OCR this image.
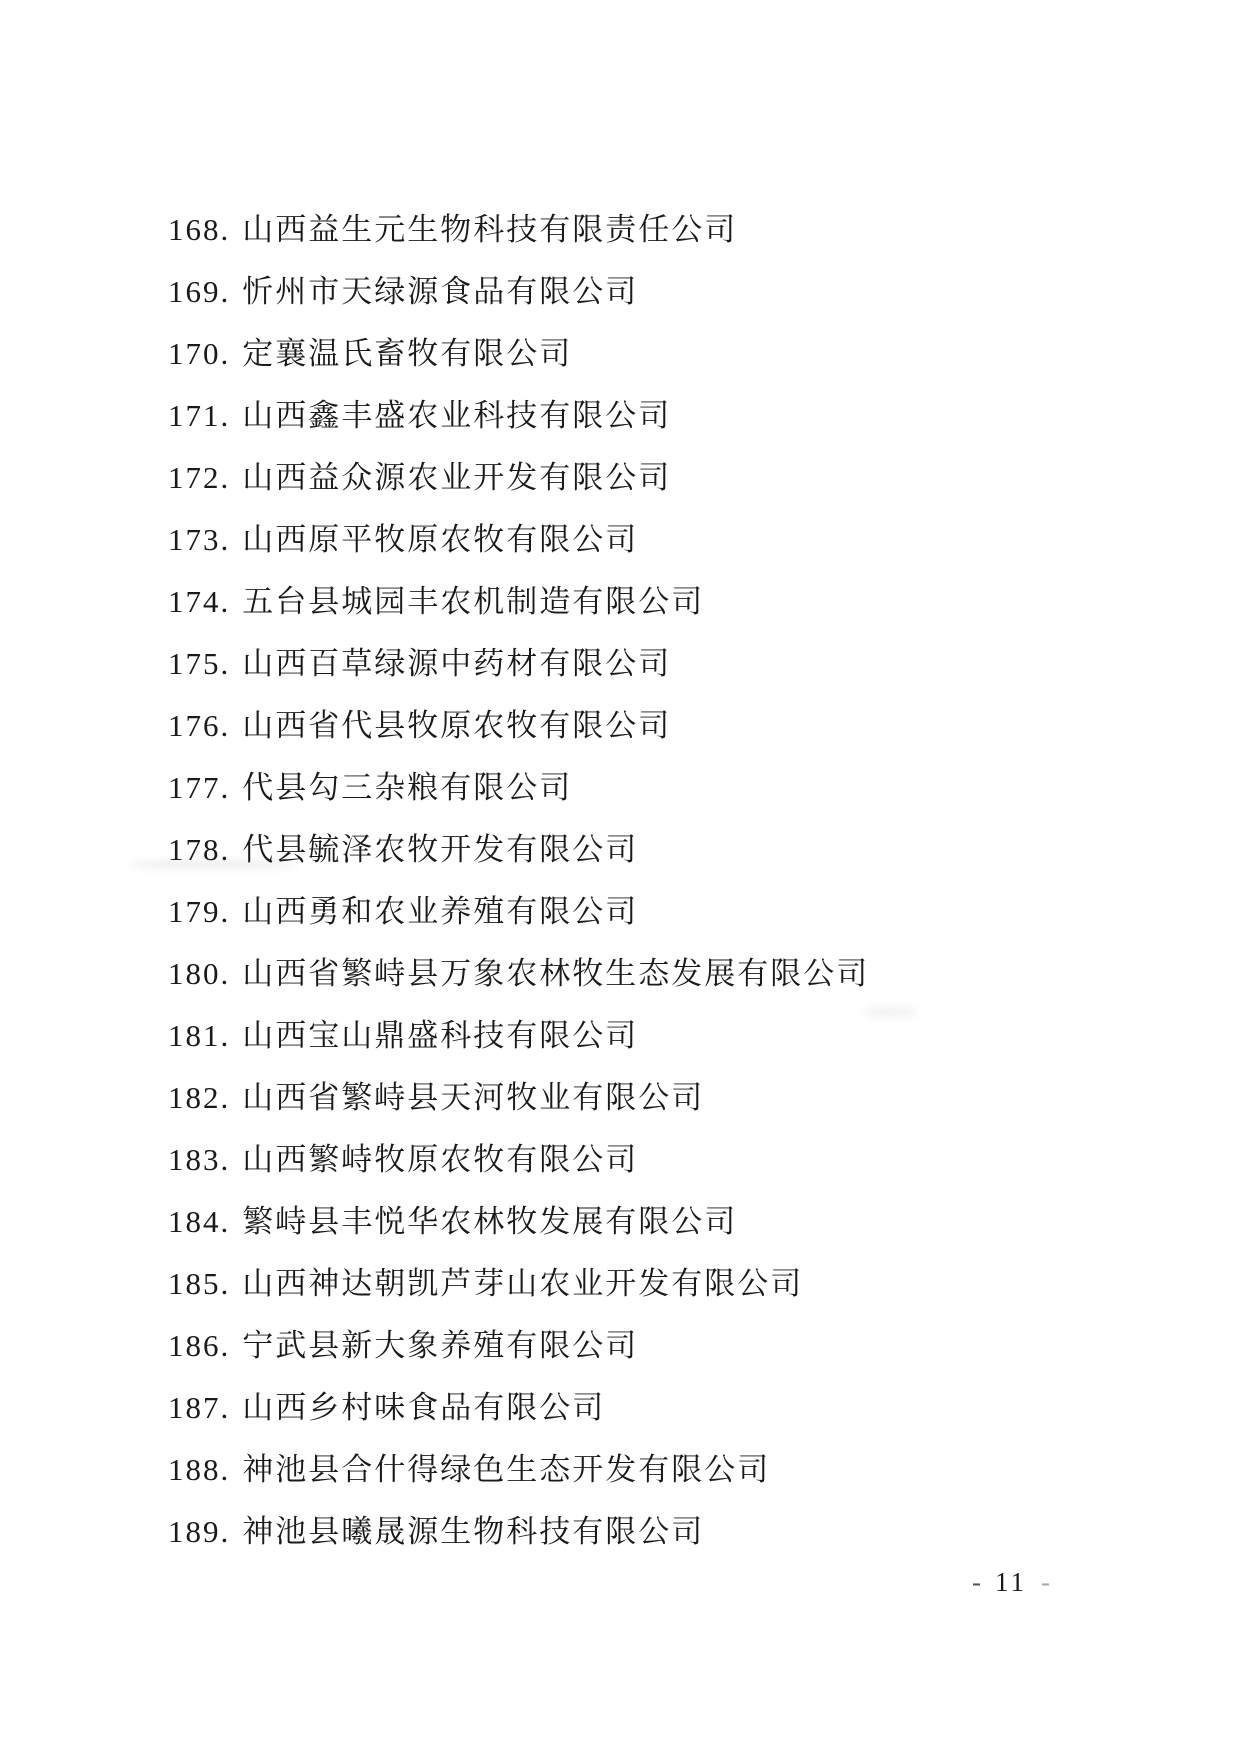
168. 山西益生元生物科技有限责任公司
169. 忻州市天绿源食品有限公司
170. 定襄温氏畜牧有限公司
171. 山西鑫丰盛农业科技有限公司
172. 山西益众源农业开发有限公司
173. 山西原平牧原农牧有限公司
174. 五台县城园丰农机制造有限公司
175. 山西百草绿源中药材有限公司
176. 山西省代县牧原农牧有限公司
177. 代县勾三杂粮有限公司
178. 代县毓泽农牧开发有限公司
179. 山西勇和农业养殖有限公司
180. 山西省繁峙县万象农林牧生态发展有限公司
181. 山西宝山鼎盛科技有限公司
182. 山西省繁峙县天河牧业有限公司
183. 山西繁峙牧原农牧有限公司
184. 繁峙县丰悦华农林牧发展有限公司
185. 山西神达朝凯芦芽山农业开发有限公司
186. 宁武县新大象养殖有限公司
187. 山西乡村味食品有限公司
188. 神池县合什得绿色生态开发有限公司
189. 神池县曦晟源生物科技有限公司
- 11 -
